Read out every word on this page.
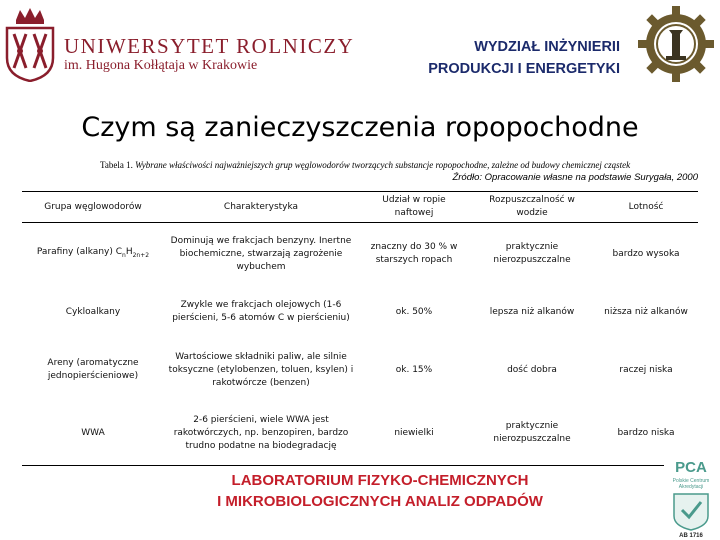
UNIWERSYTET ROLNICZY
im. Hugona Kołłątaja w Krakowie
WYDZIAŁ INŻYNIERII
PRODUKCJI I ENERGETYKI
Czym są zanieczyszczenia ropopochodne
Tabela 1. Wybrane właściwości najważniejszych grup węglowodorów tworzących substancje ropopochodne, zależne od budowy chemicznej cząstek
Źródło: Opracowanie własne na podstawie Surygała, 2000
Grupa węglowodorów	Charakterystyka	Udział w ropie naftowej	Rozpuszczalność w wodzie	Lotność
Parafiny (alkany) $C_nH_{2n+2}$	Dominują we frakcjach benzyny. Inertne biochemiczne, stwarzają zagrożenie wybuchem	znaczny do 30 % w starszych ropach	praktycznie nierozpuszczalne	bardzo wysoka
Cykloalkany	Zwykle we frakcjach olejowych (1-6 pierścieni, 5-6 atomów C w pierścieniu)	ok. 50%	lepsza niż alkanów	niższa niż alkanów
Areny (aromatyczne jednopierścieniowe)	Wartościowe składniki paliw, ale silnie toksyczne (etylobenzen, toluen, ksylen) i rakotwórcze (benzen)	ok. 15%	dość dobra	raczej niska
WWA	2-6 pierścieni, wiele WWA jest rakotwórczych, np. benzopiren, bardzo trudno podatne na biodegradację	niewielki	praktycznie nierozpuszczalne	bardzo niska
LABORATORIUM FIZYKO-CHEMICZNYCH
I MIKROBIOLOGICZNYCH ANALIZ ODPADÓW
PCA
Polskie Centrum
Akredytacji
AB 1716
